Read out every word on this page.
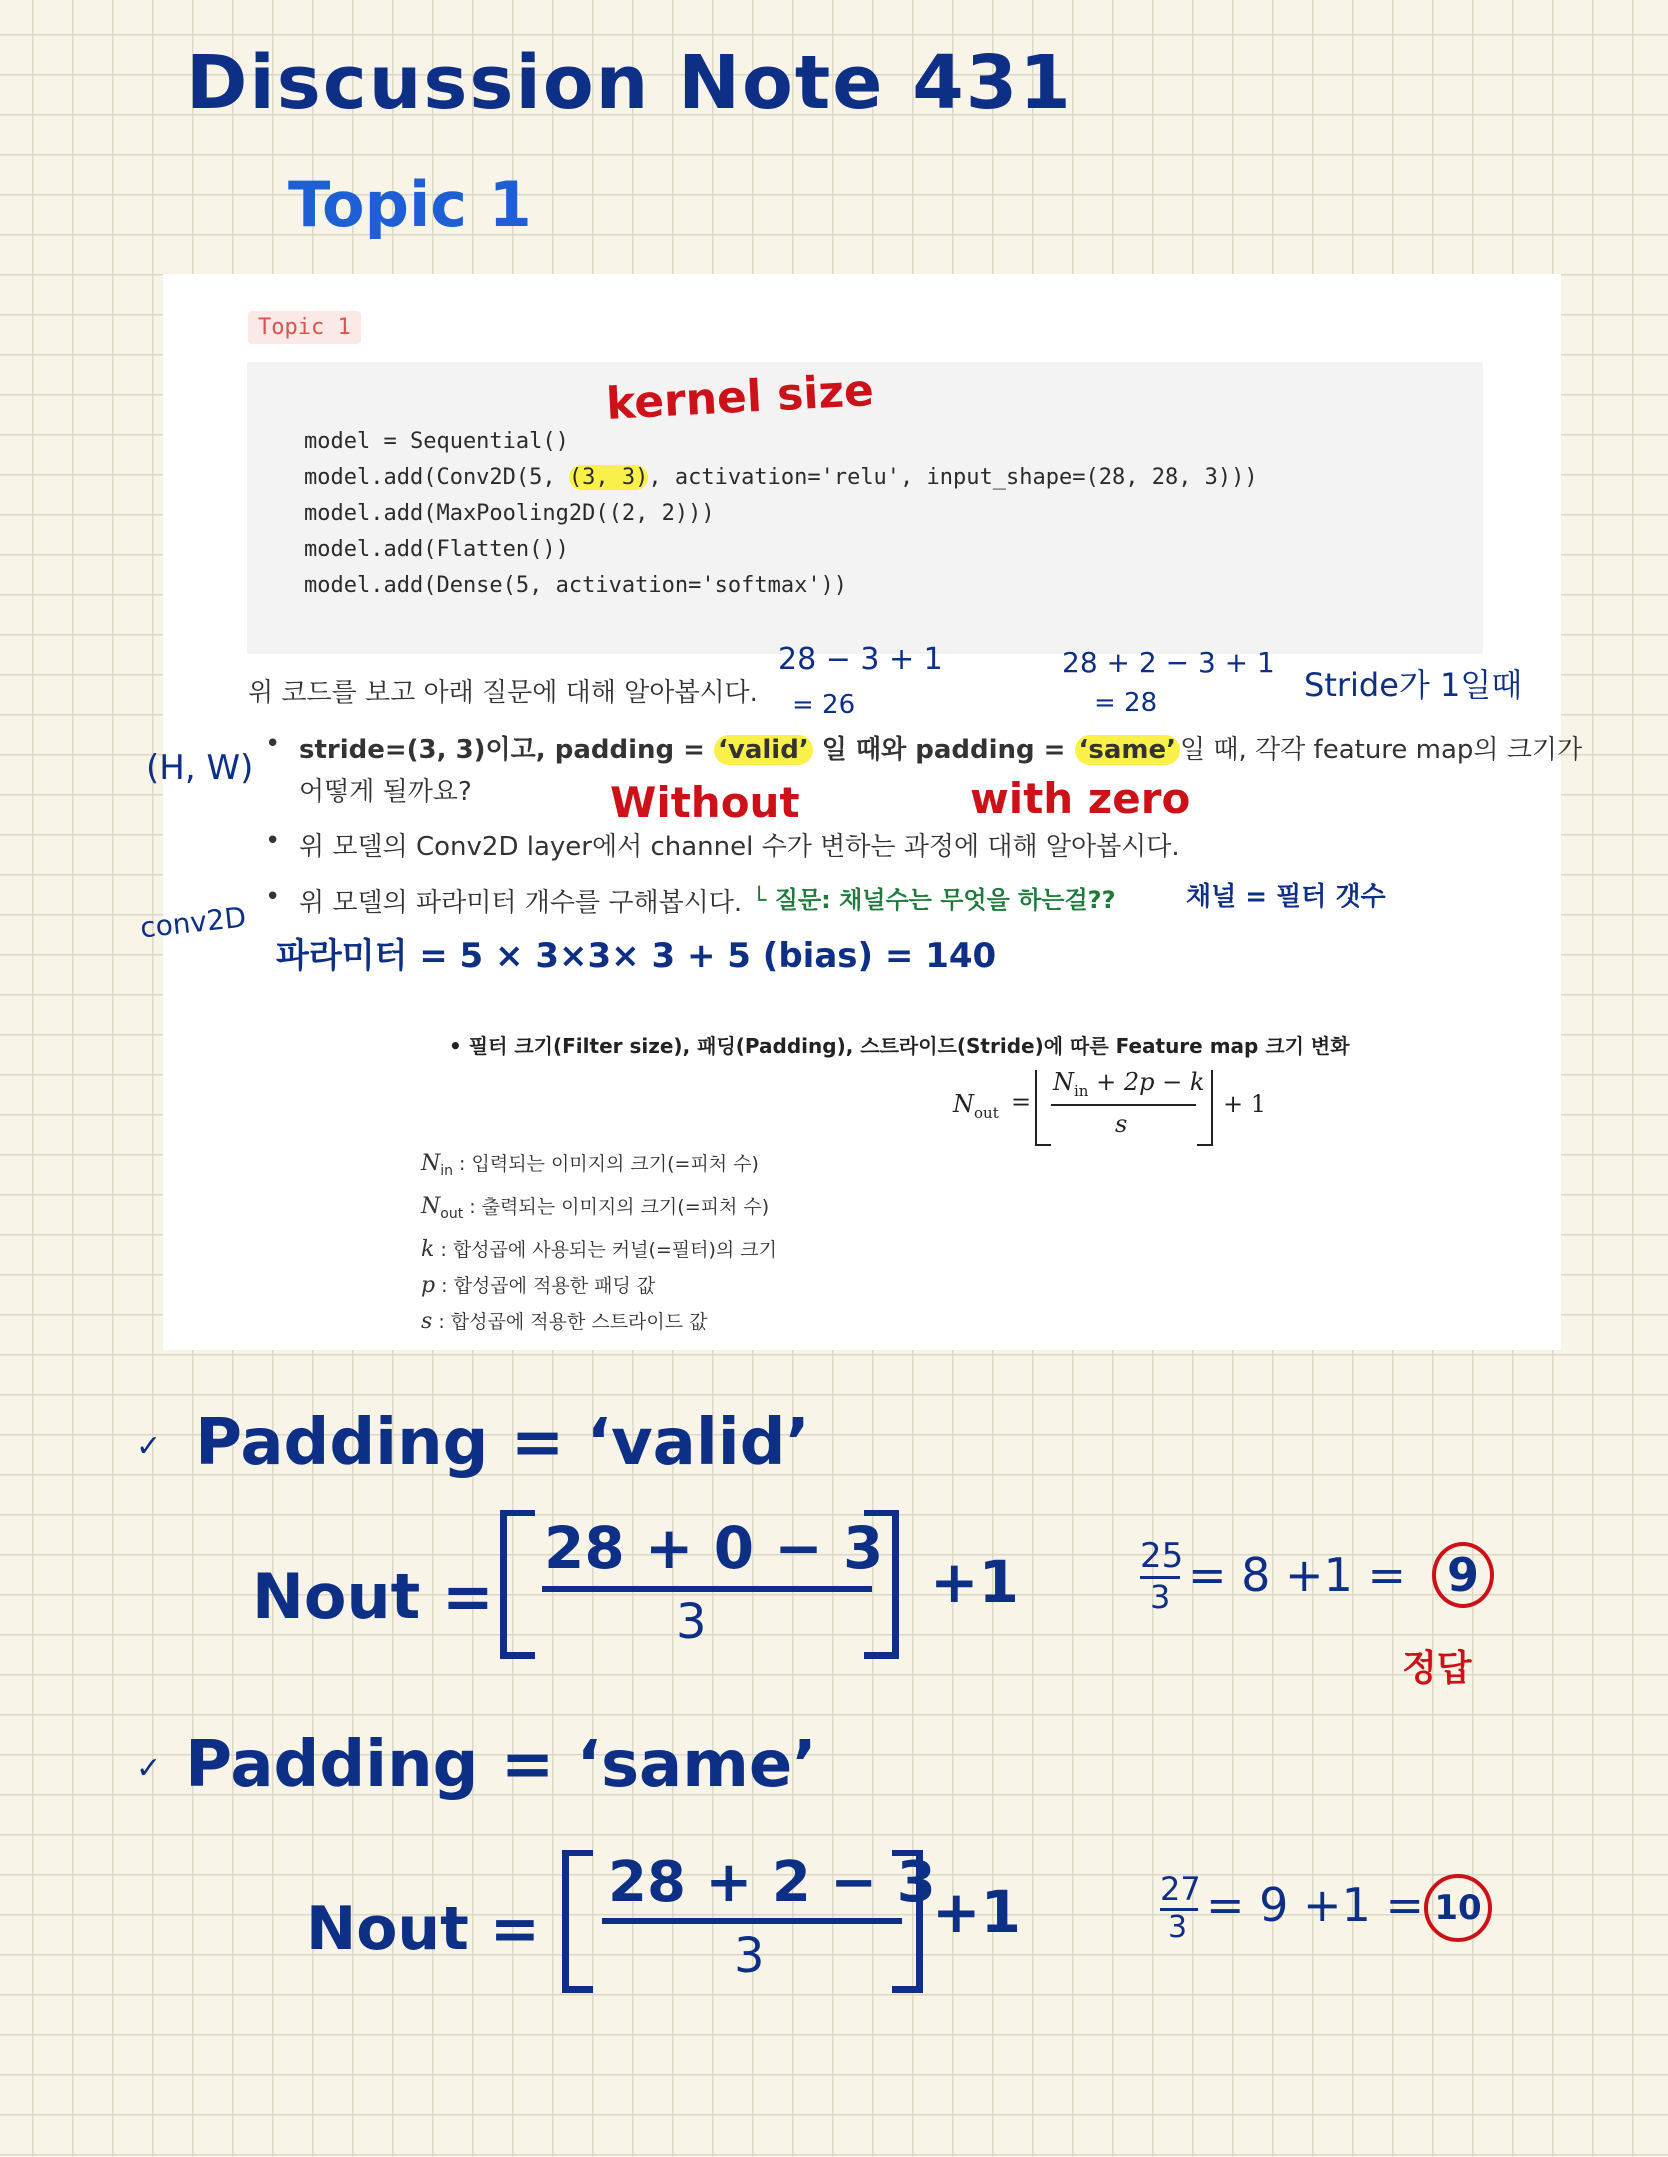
Discussion Note 431
Topic 1
Topic 1
model = Sequential()
model.add(Conv2D(5, (3, 3), activation='relu', input_shape=(28, 28, 3)))
model.add(MaxPooling2D((2, 2)))
model.add(Flatten())
model.add(Dense(5, activation='softmax'))
위 코드를 보고 아래 질문에 대해 알아봅시다.
• stride=(3, 3)이고, padding = ‘valid’ 일 때와 padding = ‘same’ 일 때, 각각 feature map의 크기가
어떻게 될까요?
• 위 모델의 Conv2D layer에서 channel 수가 변하는 과정에 대해 알아봅시다.
• 위 모델의 파라미터 개수를 구해봅시다.
• 필터 크기(Filter size), 패딩(Padding), 스트라이드(Stride)에 따른 Feature map 크기 변화
$N_{out}$ =
$N_{in} + 2p - k$
s
+ 1
$N_{in}$ : 입력되는 이미지의 크기(=피처 수)
$N_{out}$ : 출력되는 이미지의 크기(=피처 수)
k : 합성곱에 사용되는 커널(=필터)의 크기
p : 합성곱에 적용한 패딩 값
s : 합성곱에 적용한 스트라이드 값
kernel size
28 − 3 + 1
= 26
28 + 2 − 3 + 1
= 28	Stride가 1일때
(H, W)
Without	with zero
└ 질문: 채널수는 무엇을 하는걸??	채널 = 필터 갯수
conv2D
파라미터 = 5 × 3×3× 3 + 5 (bias) = 140
✓ Padding = ‘valid’
Nout =
28 + 0 − 3
3
+1	25
3 = 8 +1 = 9
정답
✓ Padding = ‘same’
Nout =
28 + 2 − 3
3
+1	27
3 = 9 +1 = 10
